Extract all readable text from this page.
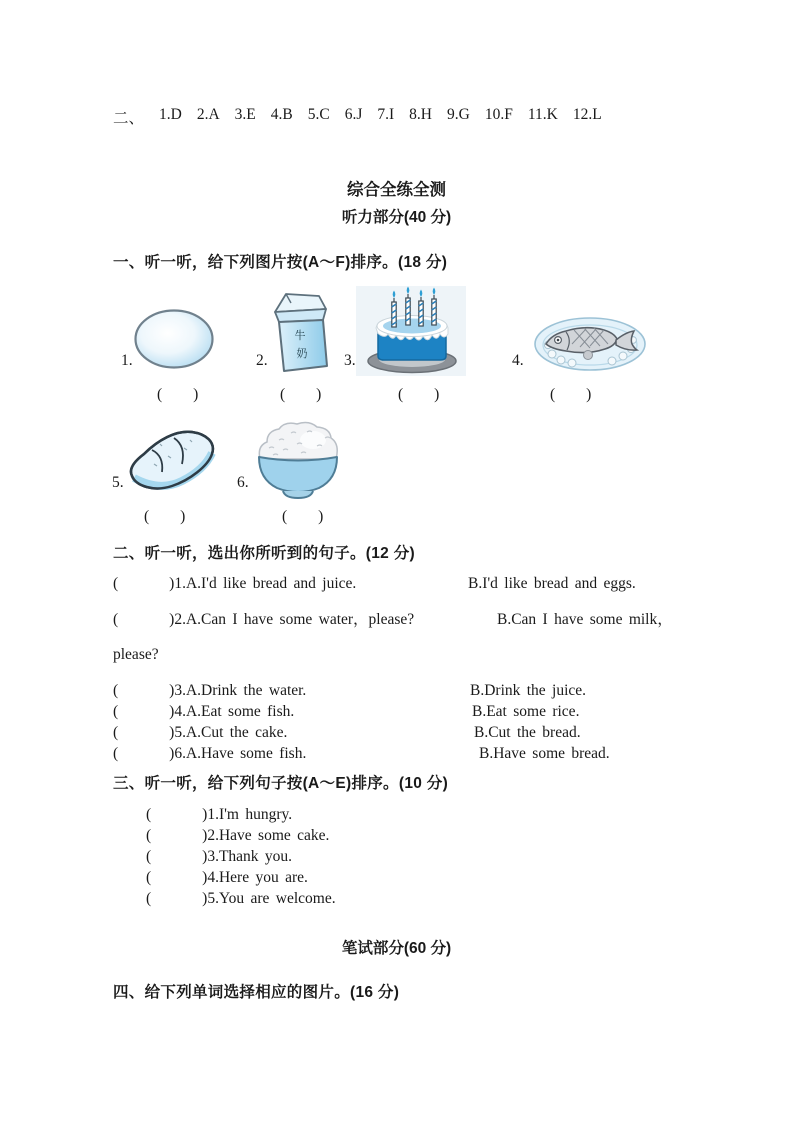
二、 1.D 2.A 3.E 4.B 5.C 6.J 7.I 8.H 9.G 10.F 11.K 12.L
综合全练全测
听力部分(40 分)
一、听一听，给下列图片按(A～F)排序。(18 分)
1.
(        )
牛
奶
2.
(        )
3.
(        )
4.
(        )
5.
(        )
6.
(        )
二、听一听，选出你所听到的句子。(12 分)
(        )1.A.I'd like bread and juice.	B.I'd like bread and eggs.
(        )2.A.Can I have some water，please?	B.Can I have some milk，
please?
(        )3.A.Drink the water.	B.Drink the juice.
(        )4.A.Eat some fish.	B.Eat some rice.
(        )5.A.Cut the cake.	B.Cut the bread.
(        )6.A.Have some fish.	B.Have some bread.
三、听一听，给下列句子按(A～E)排序。(10 分)
(        )1.I'm hungry.
(        )2.Have some cake.
(        )3.Thank you.
(        )4.Here you are.
(        )5.You are welcome.
笔试部分(60 分)
四、给下列单词选择相应的图片。(16 分)
